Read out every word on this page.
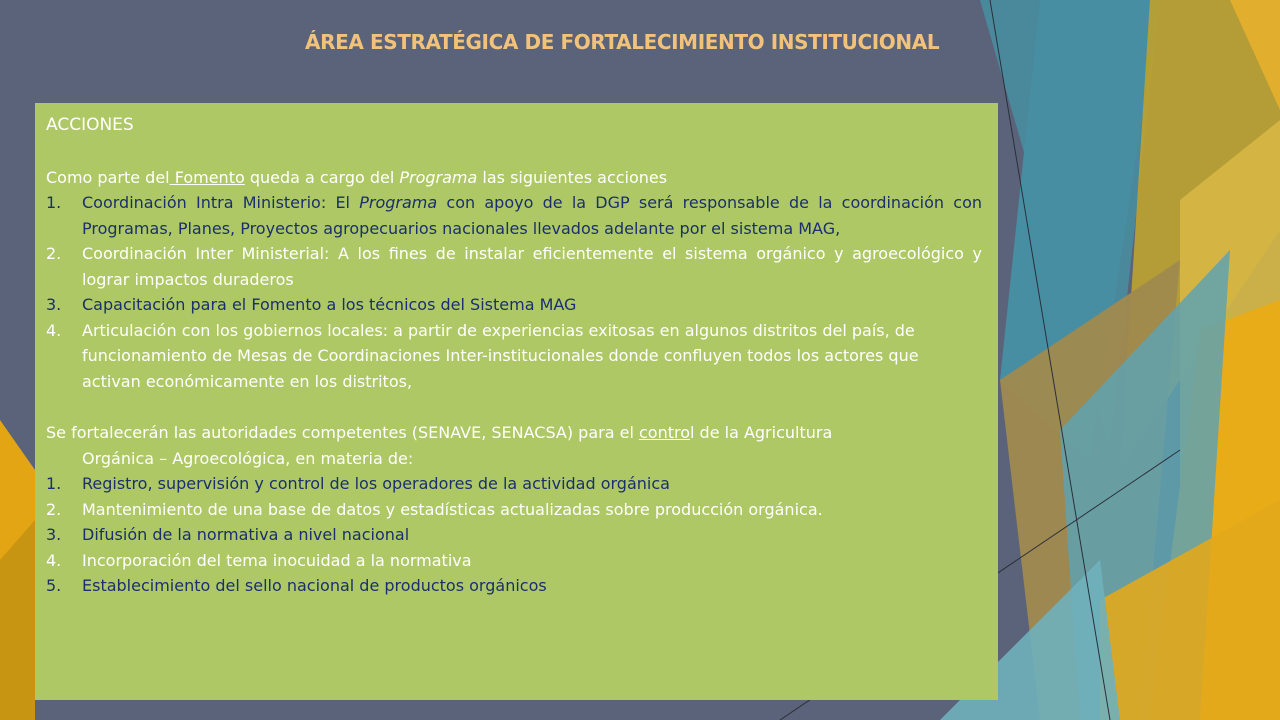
ÁREA ESTRATÉGICA DE FORTALECIMIENTO INSTITUCIONAL
ACCIONES
Como parte del Fomento queda a cargo del Programa las siguientes acciones
1. Coordinación Intra Ministerio: El Programa con apoyo de la DGP será responsable de la coordinación con Programas, Planes, Proyectos agropecuarios nacionales llevados adelante por el sistema MAG,
2. Coordinación Inter Ministerial: A los fines de instalar eficientemente el sistema orgánico y agroecológico y lograr impactos duraderos
3. Capacitación para el Fomento a los técnicos del Sistema MAG
4. Articulación con los gobiernos locales: a partir de experiencias exitosas en algunos distritos del país, de funcionamiento de Mesas de Coordinaciones Inter-institucionales donde confluyen todos los actores que activan económicamente en los distritos,
Se fortalecerán las autoridades competentes (SENAVE, SENACSA) para el control de la Agricultura Orgánica – Agroecológica, en materia de:
1. Registro, supervisión y control de los operadores de la actividad orgánica
2. Mantenimiento de una base de datos y estadísticas actualizadas sobre producción orgánica.
3. Difusión de la normativa a nivel nacional
4. Incorporación del tema inocuidad a la normativa
5. Establecimiento del sello nacional de productos orgánicos
